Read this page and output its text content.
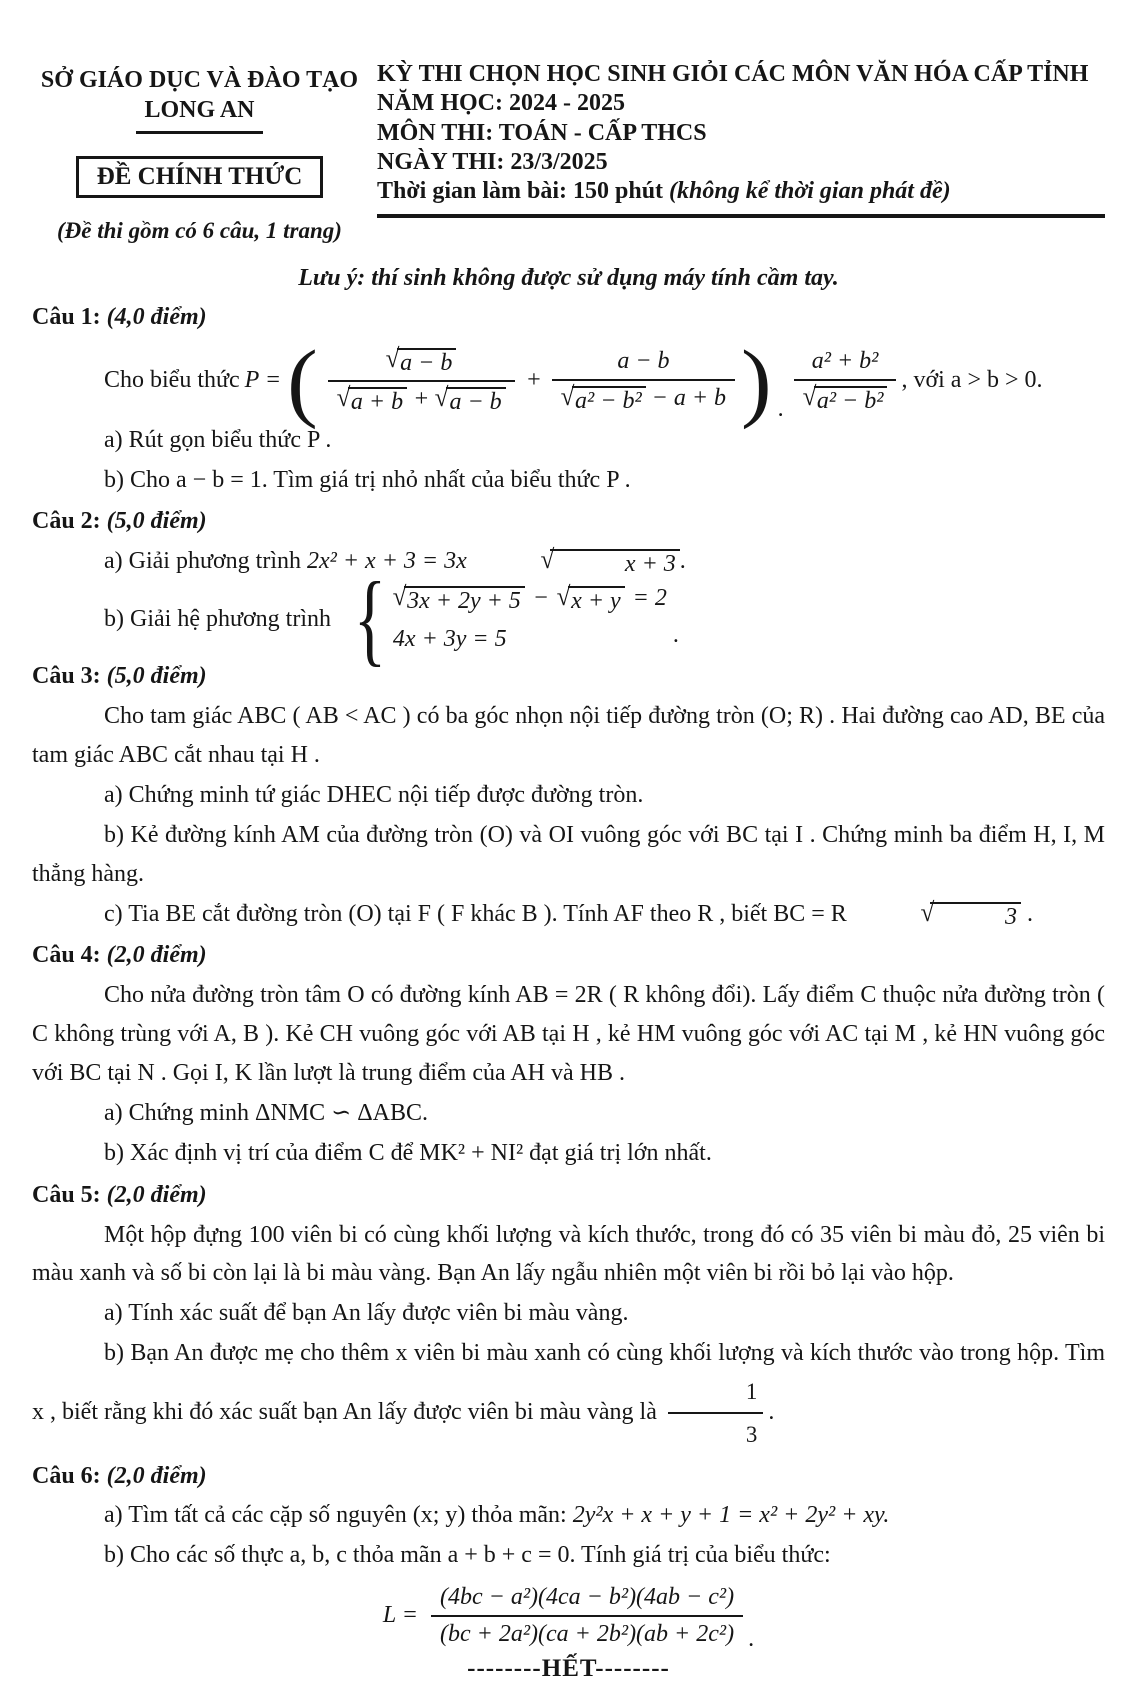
SỞ GIÁO DỤC VÀ ĐÀO TẠO
LONG AN
ĐỀ CHÍNH THỨC
(Đề thi gồm có 6 câu, 1 trang)
KỲ THI CHỌN HỌC SINH GIỎI CÁC MÔN VĂN HÓA CẤP TỈNH
NĂM HỌC: 2024 - 2025
MÔN THI: TOÁN - CẤP THCS
NGÀY THI: 23/3/2025
Thời gian làm bài: 150 phút (không kể thời gian phát đề)
Lưu ý: thí sinh không được sử dụng máy tính cầm tay.
Câu 1: (4,0 điểm)
Cho biểu thức P = ( $\frac{√ a - b}{√ a + b + √ a - b} + \frac{a - b}{\text{√ a² − b² − a + b}}$ ) . $\frac{\text{a² + b²}}{\text{√ a² − b²}}$ , với a > b > 0.
a) Rút gọn biểu thức P .
b) Cho a − b = 1. Tìm giá trị nhỏ nhất của biểu thức P .
Câu 2: (5,0 điểm)
a) Giải phương trình 2x² + x + 3 = 3x	√	x + 3 .
b) Giải hệ phương trình { √ 3x + 2y + 5 − √ x + y = 2
4x + 3y = 5	.
Câu 3: (5,0 điểm)
Cho tam giác ABC ( AB < AC ) có ba góc nhọn nội tiếp đường tròn (O; R) . Hai đường cao AD, BE của tam giác ABC cắt nhau tại H .
a) Chứng minh tứ giác DHEC nội tiếp được đường tròn.
b) Kẻ đường kính AM của đường tròn (O) và OI vuông góc với BC tại I . Chứng minh ba điểm H, I, M thẳng hàng.
c) Tia BE cắt đường tròn (O) tại F ( F khác B ). Tính AF theo R , biết BC = R	√	3 .
Câu 4: (2,0 điểm)
Cho nửa đường tròn tâm O có đường kính AB = 2R ( R không đổi). Lấy điểm C thuộc nửa đường tròn ( C không trùng với A, B ). Kẻ CH vuông góc với AB tại H , kẻ HM vuông góc với AC tại M , kẻ HN vuông góc với BC tại N . Gọi I, K lần lượt là trung điểm của AH và HB .
a) Chứng minh ΔNMC ∽ ΔABC.
b) Xác định vị trí của điểm C để MK² + NI² đạt giá trị lớn nhất.
Câu 5: (2,0 điểm)
Một hộp đựng 100 viên bi có cùng khối lượng và kích thước, trong đó có 35 viên bi màu đỏ, 25 viên bi màu xanh và số bi còn lại là bi màu vàng. Bạn An lấy ngẫu nhiên một viên bi rồi bỏ lại vào hộp.
a) Tính xác suất để bạn An lấy được viên bi màu vàng.
b) Bạn An được mẹ cho thêm x viên bi màu xanh có cùng khối lượng và kích thước vào trong hộp. Tìm x , biết rằng khi đó xác suất bạn An lấy được viên bi màu vàng là $\frac{1}{3}$ .
Câu 6: (2,0 điểm)
a) Tìm tất cả các cặp số nguyên (x; y) thỏa mãn: 2y²x + x + y + 1 = x² + 2y² + xy.
b) Cho các số thực a, b, c thỏa mãn a + b + c = 0. Tính giá trị của biểu thức:
$L = \frac{\text{(4bc − a²)(4ca − b²)(4ab − c²)}}{\text{(bc + 2a²)(ca + 2b²)(ab + 2c²)}}$ .
--------HẾT--------
